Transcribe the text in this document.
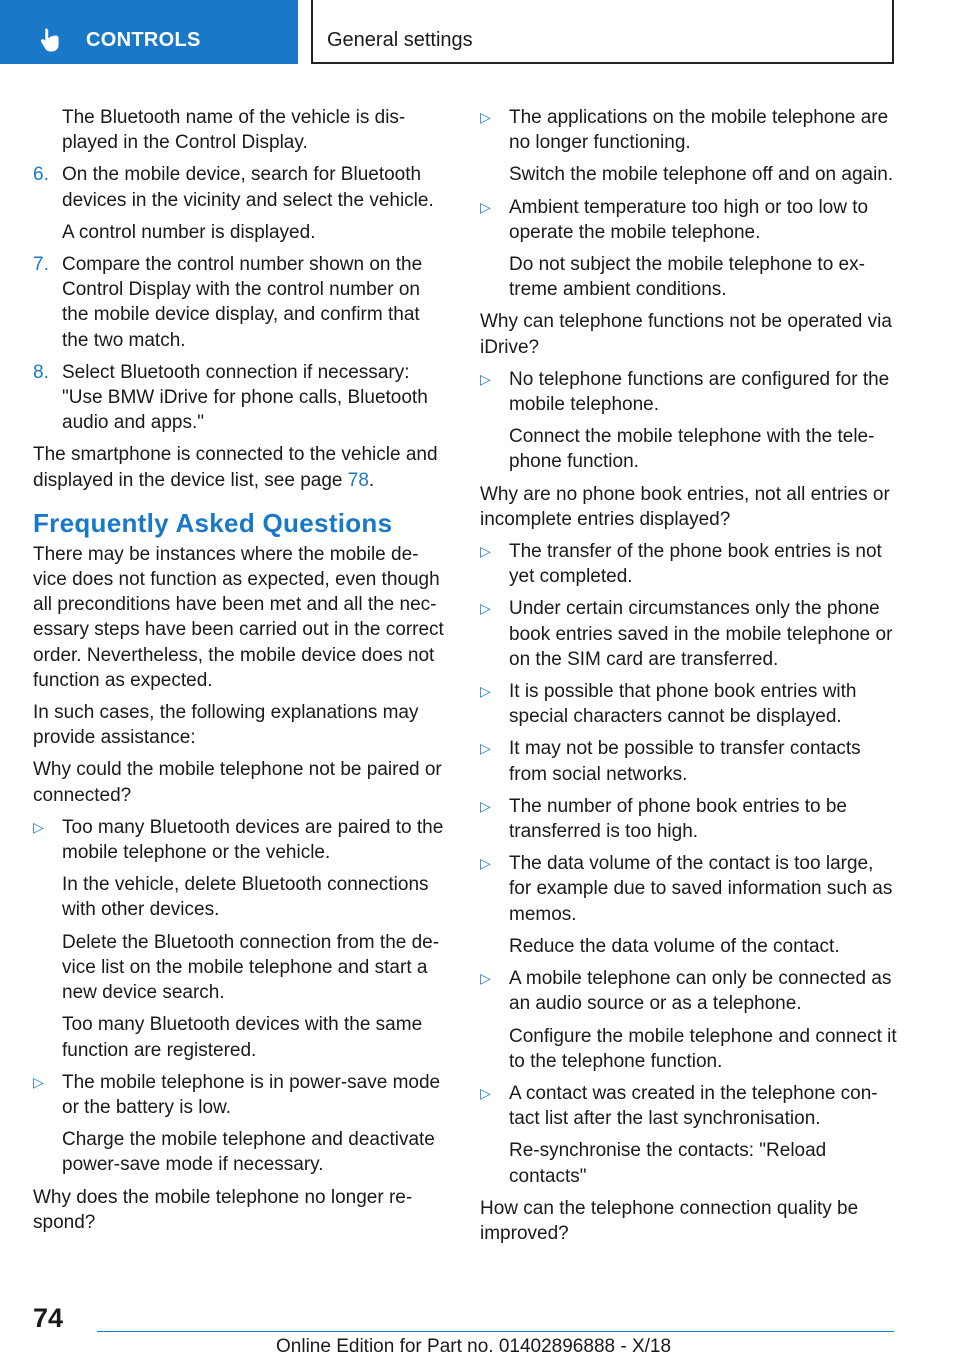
CONTROLS	General settings

The Bluetooth name of the vehicle is dis-played in the Control Display.

6. On the mobile device, search for Bluetooth devices in the vicinity and select the vehicle.

A control number is displayed.

7. Compare the control number shown on the Control Display with the control number on the mobile device display, and confirm that the two match.
8. Select Bluetooth connection if necessary: "Use BMW iDrive for phone calls, Bluetooth audio and apps."

The smartphone is connected to the vehicle and displayed in the device list, see page 78.

Frequently Asked Questions

There may be instances where the mobile de-vice does not function as expected, even though all preconditions have been met and all the nec-essary steps have been carried out in the correct order. Nevertheless, the mobile device does not function as expected.

In such cases, the following explanations may provide assistance:

Why could the mobile telephone not be paired or connected?

▷ Too many Bluetooth devices are paired to the mobile telephone or the vehicle.

In the vehicle, delete Bluetooth connections with other devices.

Delete the Bluetooth connection from the de-vice list on the mobile telephone and start a new device search.

Too many Bluetooth devices with the same function are registered.

▷ The mobile telephone is in power-save mode or the battery is low.

Charge the mobile telephone and deactivate power-save mode if necessary.

Why does the mobile telephone no longer re-spond?

▷ The applications on the mobile telephone are no longer functioning.

Switch the mobile telephone off and on again.

▷ Ambient temperature too high or too low to operate the mobile telephone.

Do not subject the mobile telephone to ex-treme ambient conditions.

Why can telephone functions not be operated via iDrive?

▷ No telephone functions are configured for the mobile telephone.

Connect the mobile telephone with the tele-phone function.

Why are no phone book entries, not all entries or incomplete entries displayed?

▷ The transfer of the phone book entries is not yet completed.
▷ Under certain circumstances only the phone book entries saved in the mobile telephone or on the SIM card are transferred.
▷ It is possible that phone book entries with special characters cannot be displayed.
▷ It may not be possible to transfer contacts from social networks.
▷ The number of phone book entries to be transferred is too high.
▷ The data volume of the contact is too large, for example due to saved information such as memos.

Reduce the data volume of the contact.

▷ A mobile telephone can only be connected as an audio source or as a telephone.

Configure the mobile telephone and connect it to the telephone function.

▷ A contact was created in the telephone con-tact list after the last synchronisation.

Re-synchronise the contacts: "Reload contacts"

How can the telephone connection quality be improved?

74
Online Edition for Part no. 01402896888 - X/18
